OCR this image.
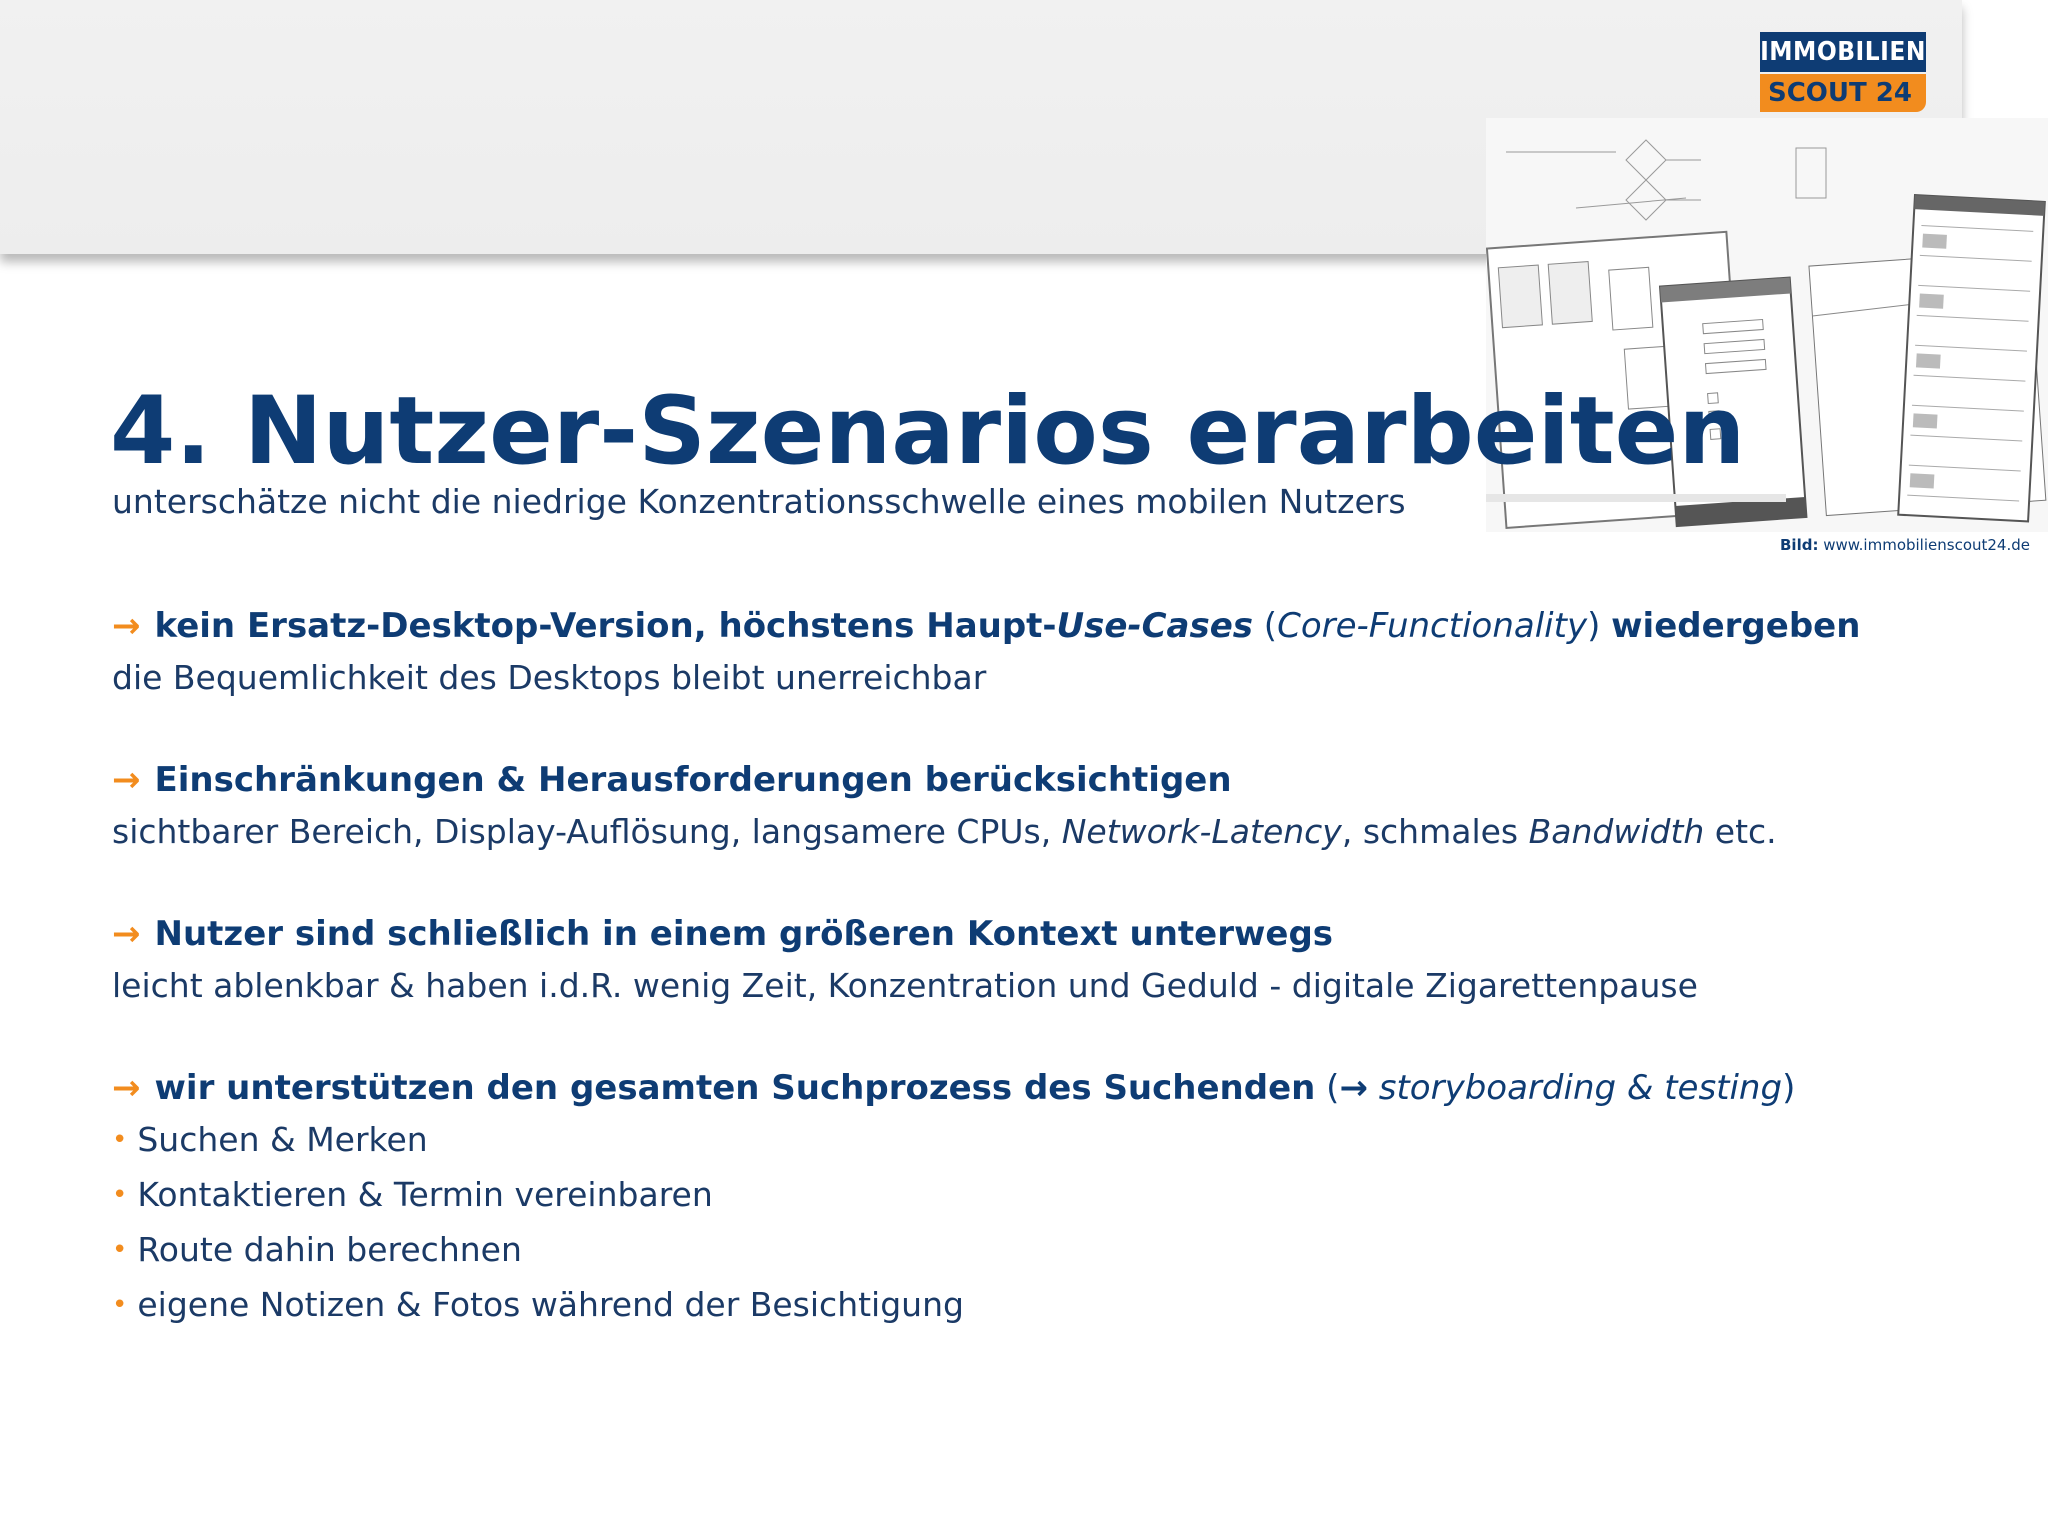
IMMOBILIEN
SCOUT 24
Bild: www.immobilienscout24.de
4. Nutzer-Szenarios erarbeiten
unterschätze nicht die niedrige Konzentrationsschwelle eines mobilen Nutzers
→ kein Ersatz-Desktop-Version, höchstens Haupt-Use-Cases (Core-Functionality) wiedergeben
die Bequemlichkeit des Desktops bleibt unerreichbar
→ Einschränkungen & Herausforderungen berücksichtigen
sichtbarer Bereich, Display-Auflösung, langsamere CPUs, Network-Latency, schmales Bandwidth etc.
→ Nutzer sind schließlich in einem größeren Kontext unterwegs
leicht ablenkbar & haben i.d.R. wenig Zeit, Konzentration und Geduld - digitale Zigarettenpause
→ wir unterstützen den gesamten Suchprozess des Suchenden (→ storyboarding & testing)
• Suchen & Merken
• Kontaktieren & Termin vereinbaren
• Route dahin berechnen
• eigene Notizen & Fotos während der Besichtigung
